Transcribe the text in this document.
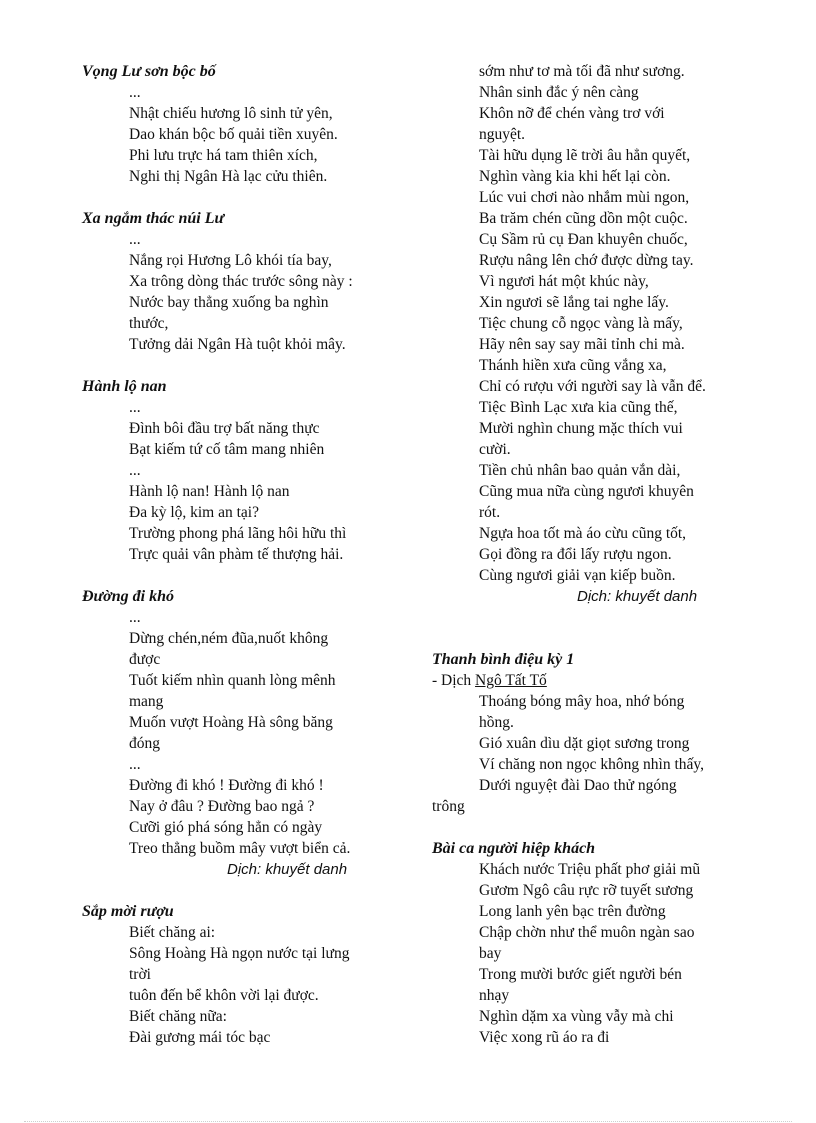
Vọng Lư sơn bộc bố
...
Nhật chiếu hương lô sinh tử yên,
Dao khán bộc bố quải tiền xuyên.
Phi lưu trực há tam thiên xích,
Nghi thị Ngân Hà lạc cửu thiên.
Xa ngắm thác núi Lư
...
Nắng rọi Hương Lô khói tía bay,
Xa trông dòng thác trước sông này :
Nước bay thẳng xuống ba nghìn
thước,
Tưởng dải Ngân Hà tuột khỏi mây.
Hành lộ nan
...
Đình bôi đầu trợ bất năng thực
Bạt kiếm tứ cố tâm mang nhiên
...
Hành lộ nan! Hành lộ nan
Đa kỳ lộ, kim an tại?
Trường phong phá lãng hôi hữu thì
Trực quải vân phàm tế thượng hải.
Đường đi khó
...
Dừng chén,ném đũa,nuốt không
được
Tuốt kiếm nhìn quanh lòng mênh
mang
Muốn vượt Hoàng Hà sông băng
đóng
...
Đường đi khó ! Đường đi khó !
Nay ở đâu ? Đường bao ngả ?
Cưỡi gió phá sóng hẳn có ngày
Treo thẳng buồm mây vượt biển cả.
Dịch: khuyết danh
Sắp mời rượu
Biết chăng ai:
Sông Hoàng Hà ngọn nước tại lưng
trời
tuôn đến bể khôn vời lại được.
Biết chăng nữa:
Đài gương mái tóc bạc
sớm như tơ mà tối đã như sương.
Nhân sinh đắc ý nên càng
Khôn nỡ để chén vàng trơ với
nguyệt.
Tài hữu dụng lẽ trời âu hẳn quyết,
Nghìn vàng kia khi hết lại còn.
Lúc vui chơi nào nhắm mùi ngon,
Ba trăm chén cũng dồn một cuộc.
Cụ Sầm rủ cụ Đan khuyên chuốc,
Rượu nâng lên chớ được dừng tay.
Vì ngươi hát một khúc này,
Xin ngươi sẽ lắng tai nghe lấy.
Tiệc chung cỗ ngọc vàng là mấy,
Hãy nên say say mãi tỉnh chi mà.
Thánh hiền xưa cũng vắng xa,
Chỉ có rượu với người say là vẫn để.
Tiệc Bình Lạc xưa kia cũng thế,
Mười nghìn chung mặc thích vui
cười.
Tiền chủ nhân bao quản vắn dài,
Cũng mua nữa cùng ngươi khuyên
rót.
Ngựa hoa tốt mà áo cừu cũng tốt,
Gọi đồng ra đổi lấy rượu ngon.
Cùng ngươi giải vạn kiếp buồn.
Dịch: khuyết danh
Thanh bình điệu kỳ 1
- Dịch Ngô Tất Tố
Thoáng bóng mây hoa, nhớ bóng
hồng.
Gió xuân dìu dặt giọt sương trong
Ví chăng non ngọc không nhìn thấy,
Dưới nguyệt đài Dao thử ngóng
trông
Bài ca người hiệp khách
Khách nước Triệu phất phơ giải mũ
Gươm Ngô câu rực rỡ tuyết sương
Long lanh yên bạc trên đường
Chập chờn như thể muôn ngàn sao
bay
Trong mười bước giết người bén
nhạy
Nghìn dặm xa vùng vẫy mà chi
Việc xong rũ áo ra đi
